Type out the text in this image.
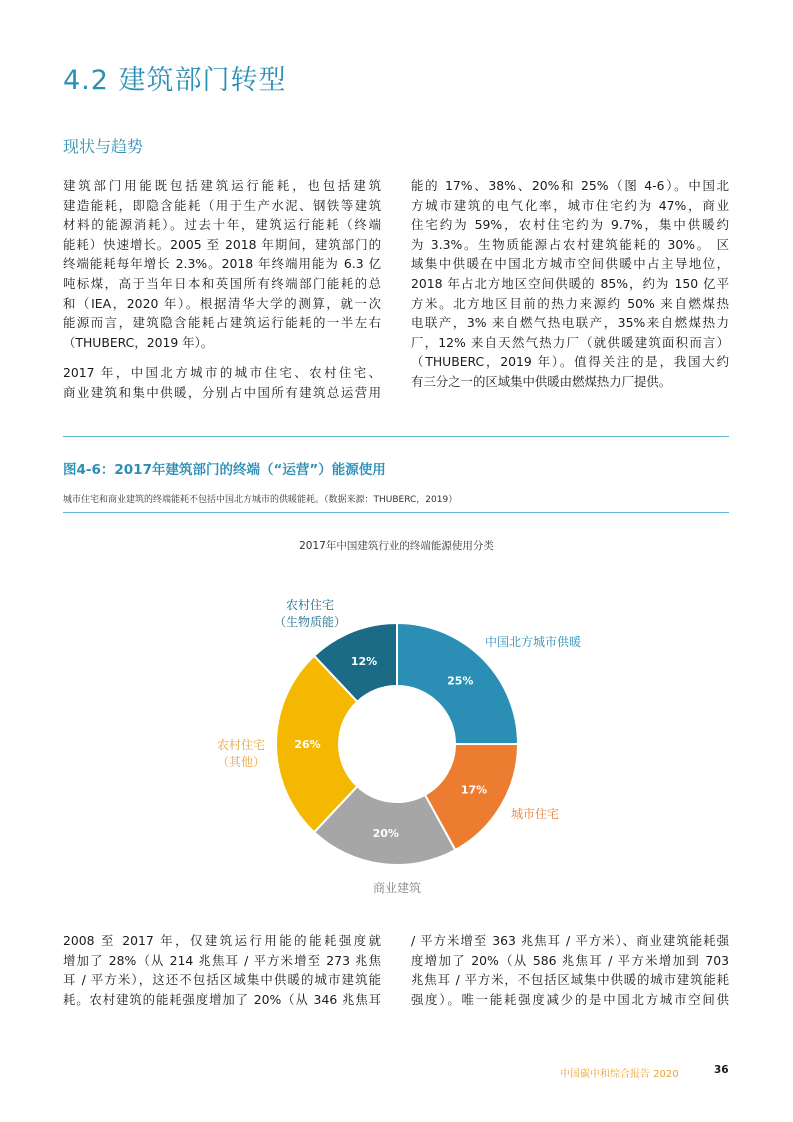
4.2 建筑部门转型
现状与趋势
建筑部门用能既包括建筑运行能耗，也包括建筑
建造能耗，即隐含能耗（用于生产水泥、钢铁等建筑
材料的能源消耗）。过去十年，建筑运行能耗（终端
能耗）快速增长。2005 至 2018 年期间，建筑部门的
终端能耗每年增长 2.3%。2018 年终端用能为 6.3 亿
吨标煤，高于当年日本和英国所有终端部门能耗的总
和（IEA，2020 年）。根据清华大学的测算，就一次
能源而言，建筑隐含能耗占建筑运行能耗的一半左右
（THUBERC，2019 年）。
2017 年，中国北方城市的城市住宅、农村住宅、
商业建筑和集中供暖，分别占中国所有建筑总运营用
能的 17%、38%、20%和 25%（图 4-6）。中国北
方城市建筑的电气化率，城市住宅约为 47%，商业
住宅约为 59%，农村住宅约为 9.7%，集中供暖约
为 3.3%。生物质能源占农村建筑能耗的 30%。 区
域集中供暖在中国北方城市空间供暖中占主导地位，
2018 年占北方地区空间供暖的 85%，约为 150 亿平
方米。北方地区目前的热力来源约 50% 来自燃煤热
电联产，3% 来自燃气热电联产，35%来自燃煤热力
厂，12% 来自天然气热力厂（就供暖建筑面积而言）
（THUBERC，2019 年）。值得关注的是，我国大约
有三分之一的区域集中供暖由燃煤热力厂提供。
图4-6：2017年建筑部门的终端（“运营”）能源使用
城市住宅和商业建筑的终端能耗不包括中国北方城市的供暖能耗。（数据来源：THUBERC，2019）
2017年中国建筑行业的终端能源使用分类
25%
中国北方城市供暖
17%
城市住宅
20%
商业建筑
26%
农村住宅
（其他）
12%
农村住宅
（生物质能）
2008 至 2017 年，仅建筑运行用能的能耗强度就
增加了 28%（从 214 兆焦耳 / 平方米增至 273 兆焦
耳 / 平方米），这还不包括区域集中供暖的城市建筑能
耗。农村建筑的能耗强度增加了 20%（从 346 兆焦耳
/ 平方米增至 363 兆焦耳 / 平方米）、商业建筑能耗强
度增加了 20%（从 586 兆焦耳 / 平方米增加到 703
兆焦耳 / 平方米，不包括区域集中供暖的城市建筑能耗
强度）。唯一能耗强度减少的是中国北方城市空间供
中国碳中和综合报告 2020	36
